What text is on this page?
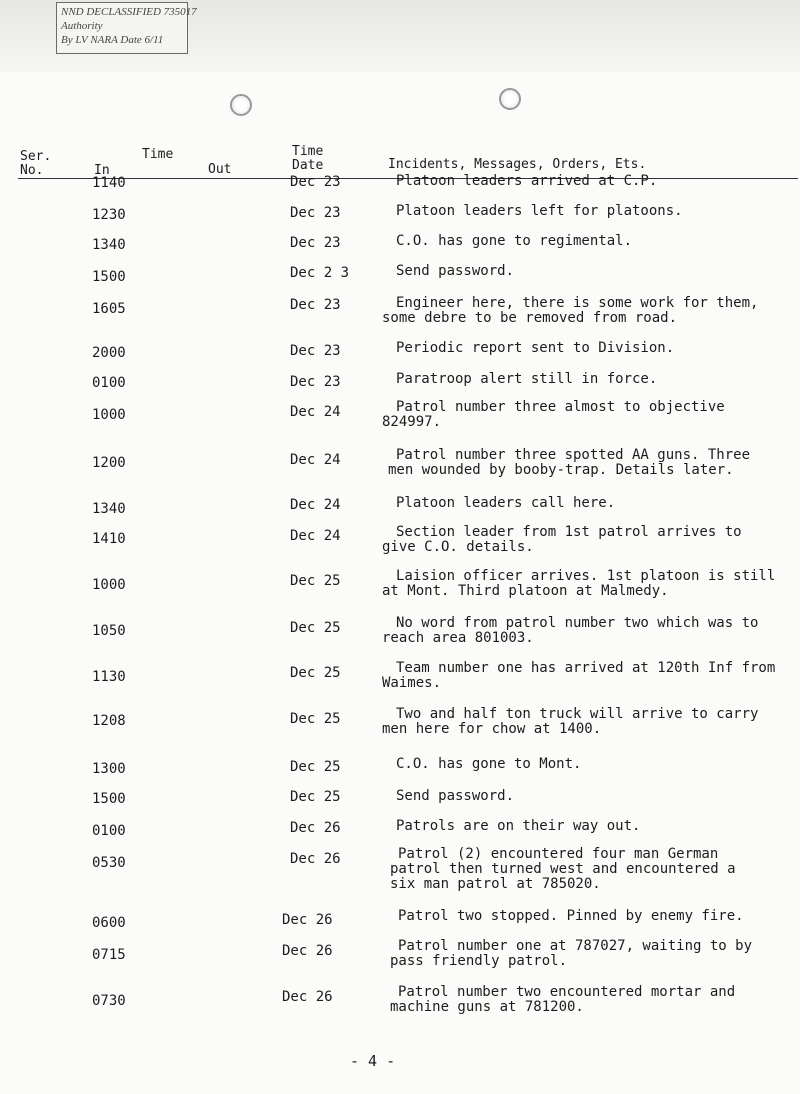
NND DECLASSIFIED 735017
Authority
By LV NARA Date 6/11
Ser.
No.
Time
In	Out
Time
Date	Incidents, Messages, Orders, Ets.
1140	Dec 23	Platoon leaders arrived at C.P.
1230	Dec 23	Platoon leaders left for platoons.
1340	Dec 23	C.O. has gone to regimental.
1500	Dec 2 3	Send password.
1605	Dec 23	Engineer here, there is some work for them, some debre to be removed from road.
2000	Dec 23	Periodic report sent to Division.
0100	Dec 23	Paratroop alert still in force.
1000	Dec 24	Patrol number three almost to objective 824997.
1200	Dec 24	Patrol number three spotted AA guns. Three men wounded by booby-trap. Details later.
1340	Dec 24	Platoon leaders call here.
1410	Dec 24	Section leader from 1st patrol arrives to give C.O. details.
1000	Dec 25	Laision officer arrives. 1st platoon is still at Mont. Third platoon at Malmedy.
1050	Dec 25	No word from patrol number two which was to reach area 801003.
1130	Dec 25	Team number one has arrived at 120th Inf from Waimes.
1208	Dec 25	Two and half ton truck will arrive to carry men here for chow at 1400.
1300	Dec 25	C.O. has gone to Mont.
1500	Dec 25	Send password.
0100	Dec 26	Patrols are on their way out.
0530	Dec 26	Patrol (2) encountered four man German patrol then turned west and encountered a six man patrol at 785020.
0600	Dec 26	Patrol two stopped. Pinned by enemy fire.
0715	Dec 26	Patrol number one at 787027, waiting to by pass friendly patrol.
0730	Dec 26	Patrol number two encountered mortar and machine guns at 781200.
- 4 -
